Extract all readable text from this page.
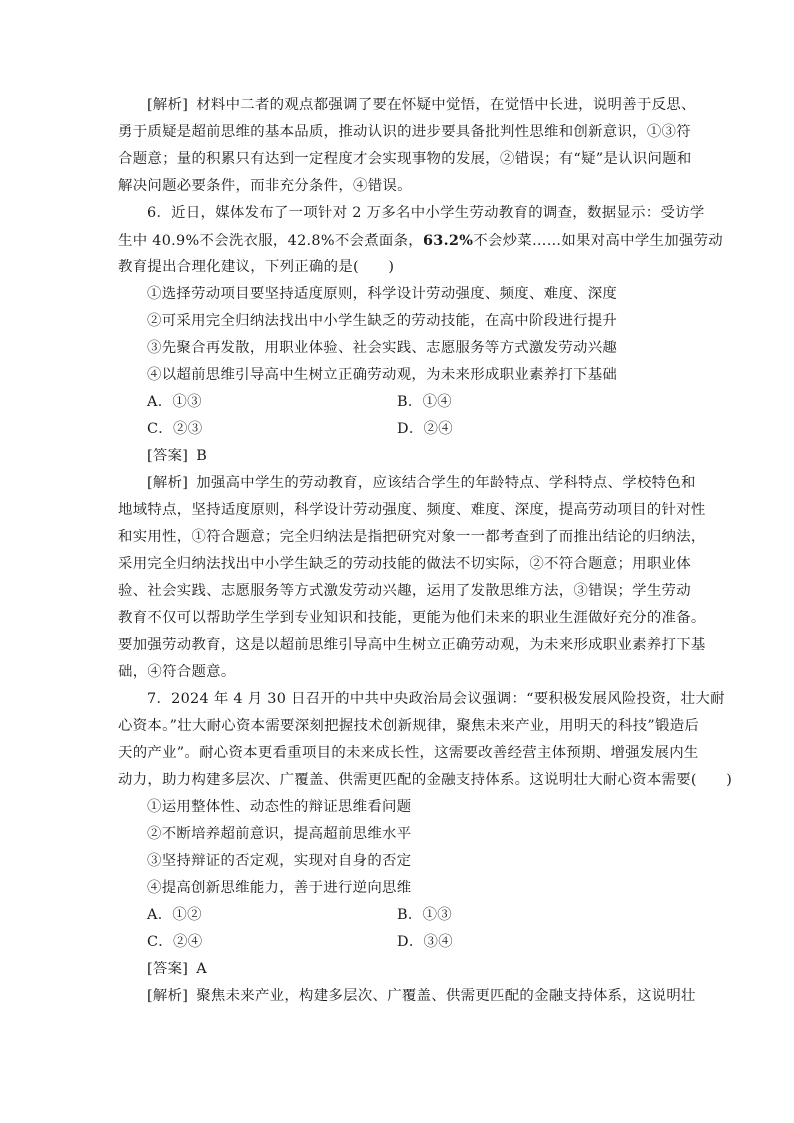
[解析] 材料中二者的观点都强调了要在怀疑中觉悟，在觉悟中长进，说明善于反思、
勇于质疑是超前思维的基本品质，推动认识的进步要具备批判性思维和创新意识，①③符
合题意；量的积累只有达到一定程度才会实现事物的发展，②错误；有“疑”是认识问题和
解决问题必要条件，而非充分条件，④错误。
6．近日，媒体发布了一项针对 2 万多名中小学生劳动教育的调查，数据显示：受访学
生中 40.9%不会洗衣服，42.8%不会煮面条，63.2%不会炒菜……如果对高中学生加强劳动
教育提出合理化建议，下列正确的是(　　)
①选择劳动项目要坚持适度原则，科学设计劳动强度、频度、难度、深度
②可采用完全归纳法找出中小学生缺乏的劳动技能，在高中阶段进行提升
③先聚合再发散，用职业体验、社会实践、志愿服务等方式激发劳动兴趣
④以超前思维引导高中生树立正确劳动观，为未来形成职业素养打下基础
A．①③	B．①④
C．②③	D．②④
[答案] B
[解析] 加强高中学生的劳动教育，应该结合学生的年龄特点、学科特点、学校特色和
地域特点，坚持适度原则，科学设计劳动强度、频度、难度、深度，提高劳动项目的针对性
和实用性，①符合题意；完全归纳法是指把研究对象一一都考查到了而推出结论的归纳法，
采用完全归纳法找出中小学生缺乏的劳动技能的做法不切实际，②不符合题意；用职业体
验、社会实践、志愿服务等方式激发劳动兴趣，运用了发散思维方法，③错误；学生劳动
教育不仅可以帮助学生学到专业知识和技能，更能为他们未来的职业生涯做好充分的准备。
要加强劳动教育，这是以超前思维引导高中生树立正确劳动观，为未来形成职业素养打下基
础，④符合题意。
7．2024 年 4 月 30 日召开的中共中央政治局会议强调：“要积极发展风险投资，壮大耐
心资本。”壮大耐心资本需要深刻把握技术创新规律，聚焦未来产业，用明天的科技”锻造后
天的产业”。耐心资本更看重项目的未来成长性，这需要改善经营主体预期、增强发展内生
动力，助力构建多层次、广覆盖、供需更匹配的金融支持体系。这说明壮大耐心资本需要(　　)
①运用整体性、动态性的辩证思维看问题
②不断培养超前意识，提高超前思维水平
③坚持辩证的否定观，实现对自身的否定
④提高创新思维能力，善于进行逆向思维
A．①②	B．①③
C．②④	D．③④
[答案] A
[解析] 聚焦未来产业，构建多层次、广覆盖、供需更匹配的金融支持体系，这说明壮
